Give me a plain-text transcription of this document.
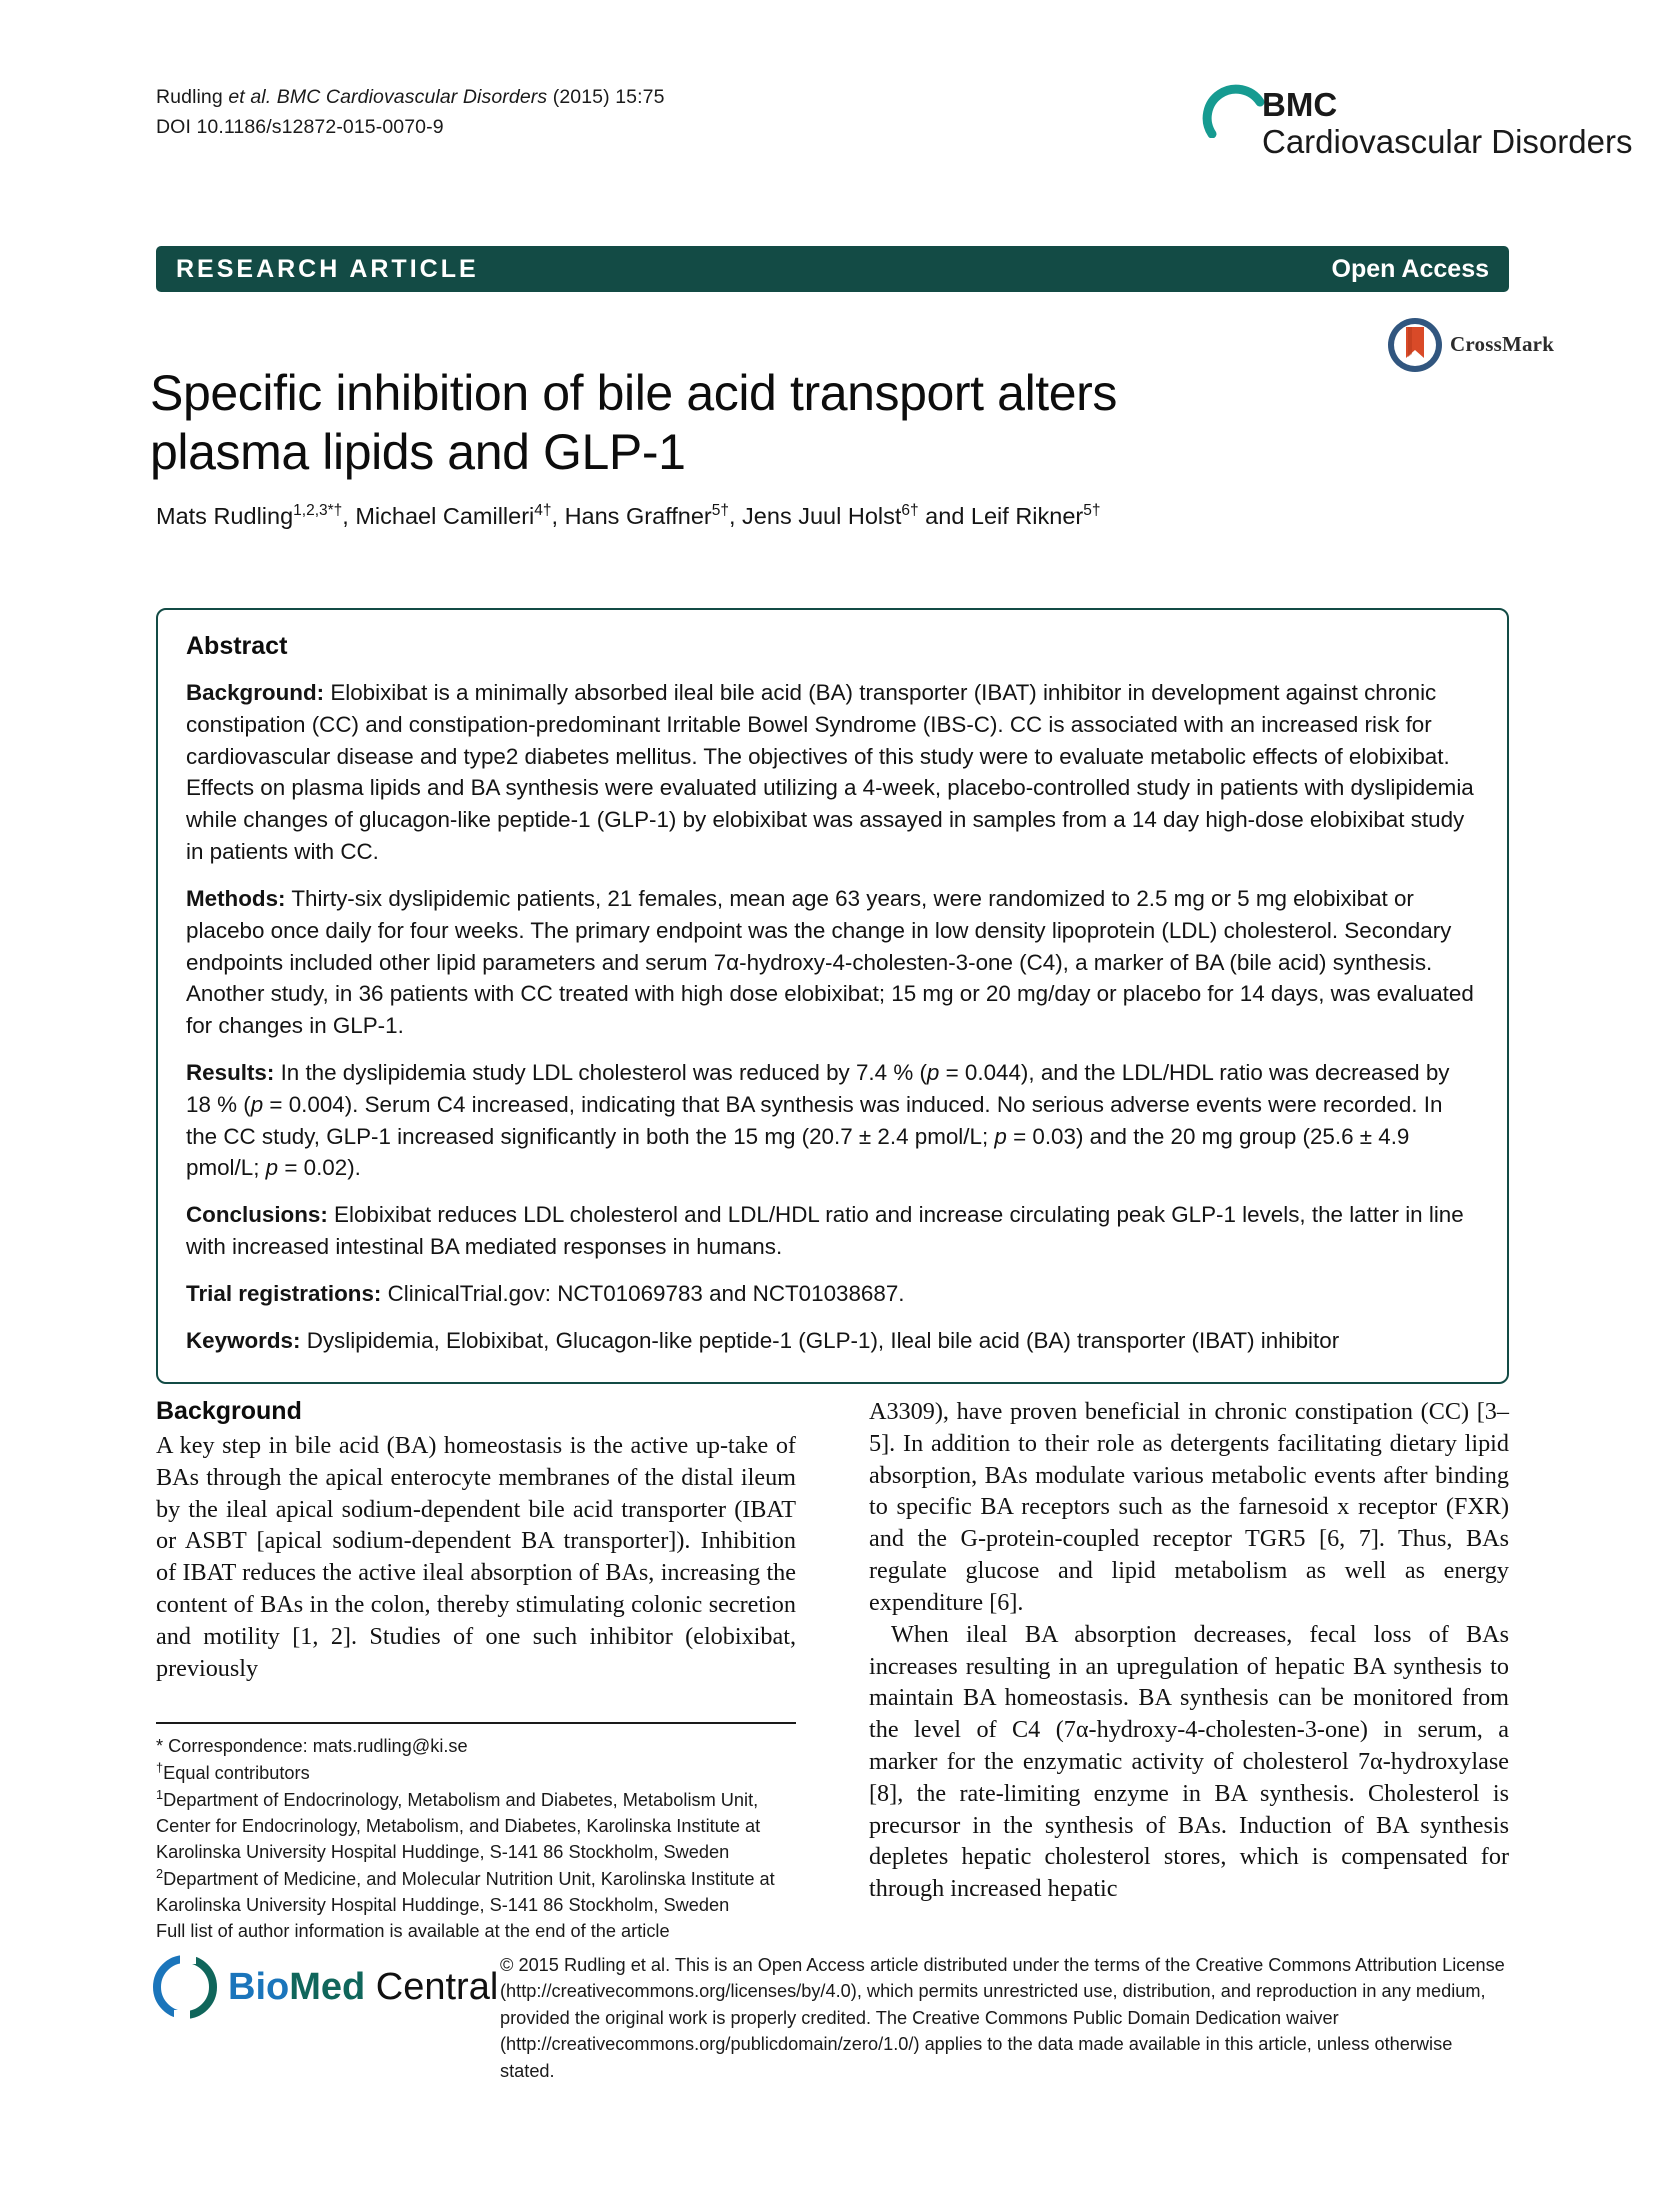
Rudling et al. BMC Cardiovascular Disorders (2015) 15:75
DOI 10.1186/s12872-015-0070-9
BMC
Cardiovascular Disorders
RESEARCH ARTICLE	Open Access
Specific inhibition of bile acid transport alters plasma lipids and GLP-1
Mats Rudling$^{1,2,3*\dagger}$, Michael Camilleri$^{4\dagger}$, Hans Graffner$^{5\dagger}$, Jens Juul Holst$^{6\dagger}$ and Leif Rikner$^{5\dagger}$
CrossMark
Abstract

Background: Elobixibat is a minimally absorbed ileal bile acid (BA) transporter (IBAT) inhibitor in development against chronic constipation (CC) and constipation-predominant Irritable Bowel Syndrome (IBS-C). CC is associated with an increased risk for cardiovascular disease and type2 diabetes mellitus. The objectives of this study were to evaluate metabolic effects of elobixibat. Effects on plasma lipids and BA synthesis were evaluated utilizing a 4-week, placebo-controlled study in patients with dyslipidemia while changes of glucagon-like peptide-1 (GLP-1) by elobixibat was assayed in samples from a 14 day high-dose elobixibat study in patients with CC.

Methods: Thirty-six dyslipidemic patients, 21 females, mean age 63 years, were randomized to 2.5 mg or 5 mg elobixibat or placebo once daily for four weeks. The primary endpoint was the change in low density lipoprotein (LDL) cholesterol. Secondary endpoints included other lipid parameters and serum 7α-hydroxy-4-cholesten-3-one (C4), a marker of BA (bile acid) synthesis. Another study, in 36 patients with CC treated with high dose elobixibat; 15 mg or 20 mg/day or placebo for 14 days, was evaluated for changes in GLP-1.

Results: In the dyslipidemia study LDL cholesterol was reduced by 7.4 % (p = 0.044), and the LDL/HDL ratio was decreased by 18 % (p = 0.004). Serum C4 increased, indicating that BA synthesis was induced. No serious adverse events were recorded. In the CC study, GLP-1 increased significantly in both the 15 mg (20.7 ± 2.4 pmol/L; p = 0.03) and the 20 mg group (25.6 ± 4.9 pmol/L; p = 0.02).

Conclusions: Elobixibat reduces LDL cholesterol and LDL/HDL ratio and increase circulating peak GLP-1 levels, the latter in line with increased intestinal BA mediated responses in humans.

Trial registrations: ClinicalTrial.gov: NCT01069783 and NCT01038687.

Keywords: Dyslipidemia, Elobixibat, Glucagon-like peptide-1 (GLP-1), Ileal bile acid (BA) transporter (IBAT) inhibitor

Background

A key step in bile acid (BA) homeostasis is the active up-take of BAs through the apical enterocyte membranes of the distal ileum by the ileal apical sodium-dependent bile acid transporter (IBAT or ASBT [apical sodium-dependent BA transporter]). Inhibition of IBAT reduces the active ileal absorption of BAs, increasing the content of BAs in the colon, thereby stimulating colonic secretion and motility [1, 2]. Studies of one such inhibitor (elobixibat, previously

A3309), have proven beneficial in chronic constipation (CC) [3–5]. In addition to their role as detergents facilitating dietary lipid absorption, BAs modulate various metabolic events after binding to specific BA receptors such as the farnesoid x receptor (FXR) and the G-protein-coupled receptor TGR5 [6, 7]. Thus, BAs regulate glucose and lipid metabolism as well as energy expenditure [6].

When ileal BA absorption decreases, fecal loss of BAs increases resulting in an upregulation of hepatic BA synthesis to maintain BA homeostasis. BA synthesis can be monitored from the level of C4 (7α-hydroxy-4-cholesten-3-one) in serum, a marker for the enzymatic activity of cholesterol 7α-hydroxylase [8], the rate-limiting enzyme in BA synthesis. Cholesterol is precursor in the synthesis of BAs. Induction of BA synthesis depletes hepatic cholesterol stores, which is compensated for through increased hepatic

* Correspondence: mats.rudling@ki.se

†Equal contributors

$^1$Department of Endocrinology, Metabolism and Diabetes, Metabolism Unit, Center for Endocrinology, Metabolism, and Diabetes, Karolinska Institute at Karolinska University Hospital Huddinge, S-141 86 Stockholm, Sweden

$^2$Department of Medicine, and Molecular Nutrition Unit, Karolinska Institute at Karolinska University Hospital Huddinge, S-141 86 Stockholm, Sweden

Full list of author information is available at the end of the article

BioMed Central

© 2015 Rudling et al. This is an Open Access article distributed under the terms of the Creative Commons Attribution License (http://creativecommons.org/licenses/by/4.0), which permits unrestricted use, distribution, and reproduction in any medium, provided the original work is properly credited. The Creative Commons Public Domain Dedication waiver (http://creativecommons.org/publicdomain/zero/1.0/) applies to the data made available in this article, unless otherwise stated.
